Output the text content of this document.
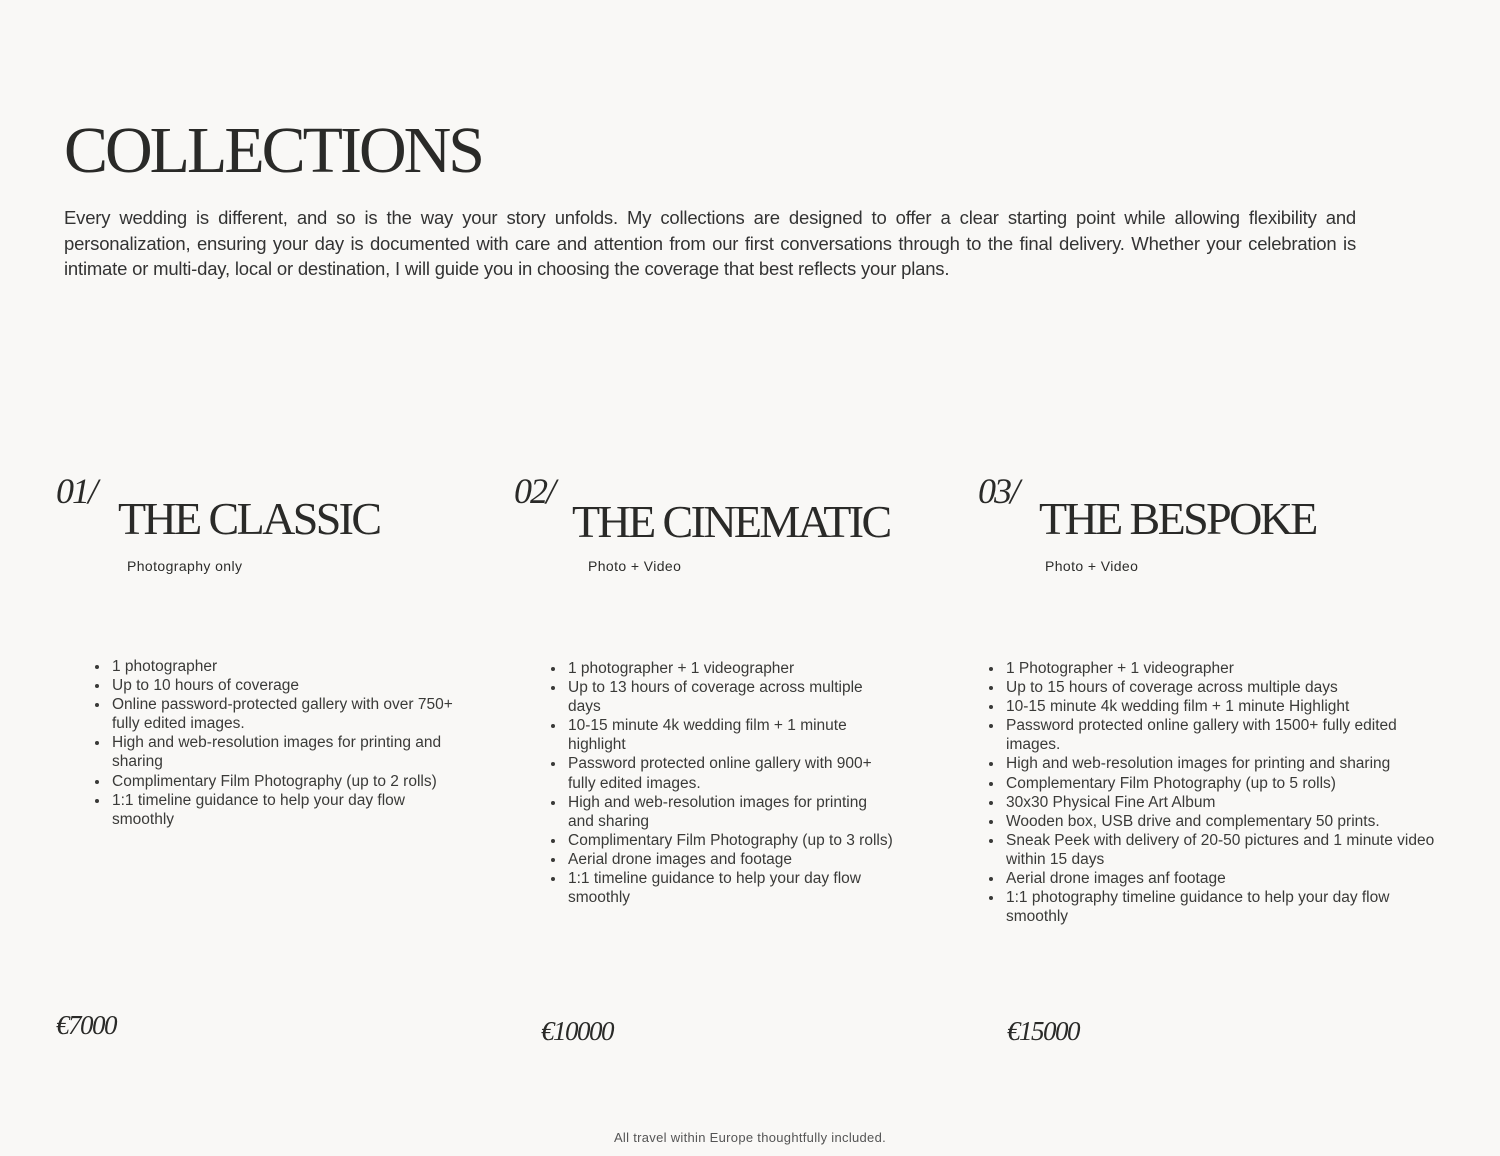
COLLECTIONS

Every wedding is different, and so is the way your story unfolds. My collections are designed to offer a clear starting point while allowing flexibility and personalization, ensuring your day is documented with care and attention from our first conversations through to the final delivery. Whether your celebration is intimate or multi-day, local or destination, I will guide you in choosing the coverage that best reflects your plans.

01/
THE CLASSIC
Photography only
• 1 photographer
• Up to 10 hours of coverage
• Online password-protected gallery with over 750+ fully edited images.
• High and web-resolution images for printing and sharing
• Complimentary Film Photography (up to 2 rolls)
• 1:1 timeline guidance to help your day flow smoothly
€7000
02/
THE CINEMATIC
Photo + Video
• 1 photographer + 1 videographer
• Up to 13 hours of coverage across multiple days
• 10-15 minute 4k wedding film + 1 minute highlight
• Password protected online gallery with 900+ fully edited images.
• High and web-resolution images for printing and sharing
• Complimentary Film Photography (up to 3 rolls)
• Aerial drone images and footage
• 1:1 timeline guidance to help your day flow smoothly
€10000
03/
THE BESPOKE
Photo + Video
• 1 Photographer + 1 videographer
• Up to 15 hours of coverage across multiple days
• 10-15 minute 4k wedding film + 1 minute Highlight
• Password protected online gallery with 1500+ fully edited images.
• High and web-resolution images for printing and sharing
• Complementary Film Photography (up to 5 rolls)
• 30x30 Physical Fine Art Album
• Wooden box, USB drive and complementary 50 prints.
• Sneak Peek with delivery of 20-50 pictures and 1 minute video within 15 days
• Aerial drone images anf footage
• 1:1 photography timeline guidance to help your day flow smoothly
€15000
All travel within Europe thoughtfully included.
